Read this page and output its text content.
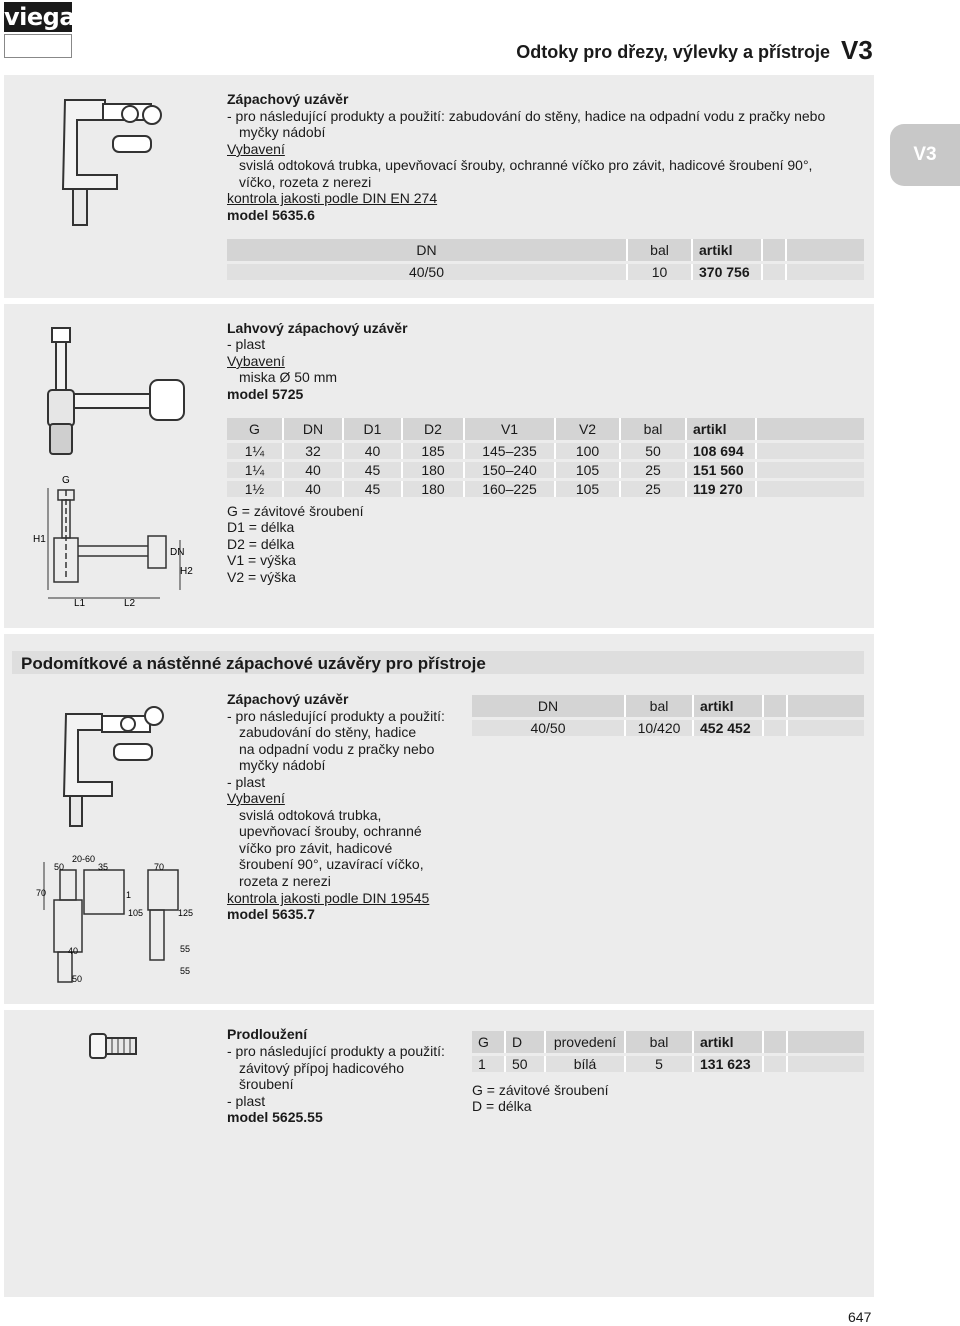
viega
Odtoky pro dřezy, výlevky a přístroje V3
V3
Zápachový uzávěr
- pro následující produkty a použití: zabudování do stěny, hadice na odpadní vodu z pračky nebo
myčky nádobí
Vybavení
svislá odtoková trubka, upevňovací šrouby, ochranné víčko pro závit, hadicové šroubení 90°,
víčko, rozeta z nerezi
kontrola jakosti podle DIN EN 274
model 5635.6
DN	bal	artikl		
40/50	10	370 756		
G
H1
DN
H2
L1	L2
Lahvový zápachový uzávěr
- plast
Vybavení
miska Ø 50 mm
model 5725
G	DN	D1	D2	V1	V2	bal	artikl	
1¼	32	40	185	145–235	100	50	108 694	
1¼	40	45	180	150–240	105	25	151 560	
1½	40	45	180	160–225	105	25	119 270	
G = závitové šroubení
D1 = délka
D2 = délka
V1 = výška
V2 = výška
Podomítkové a nástěnné zápachové uzávěry pro přístroje
50
20-60
35
70
70
1
105	125
40	55
55
50
Zápachový uzávěr
- pro následující produkty a použití:
zabudování do stěny, hadice
na odpadní vodu z pračky nebo
myčky nádobí
- plast
Vybavení
svislá odtoková trubka,
upevňovací šrouby, ochranné
víčko pro závit, hadicové
šroubení 90°, uzavírací víčko,
rozeta z nerezi
kontrola jakosti podle DIN 19545
model 5635.7
DN	bal	artikl		
40/50	10/420	452 452		
Prodloužení
- pro následující produkty a použití:
závitový přípoj hadicového
šroubení
- plast
model 5625.55
G	D	provedení	bal	artikl		
1	50	bílá	5	131 623		
G = závitové šroubení
D = délka
647
